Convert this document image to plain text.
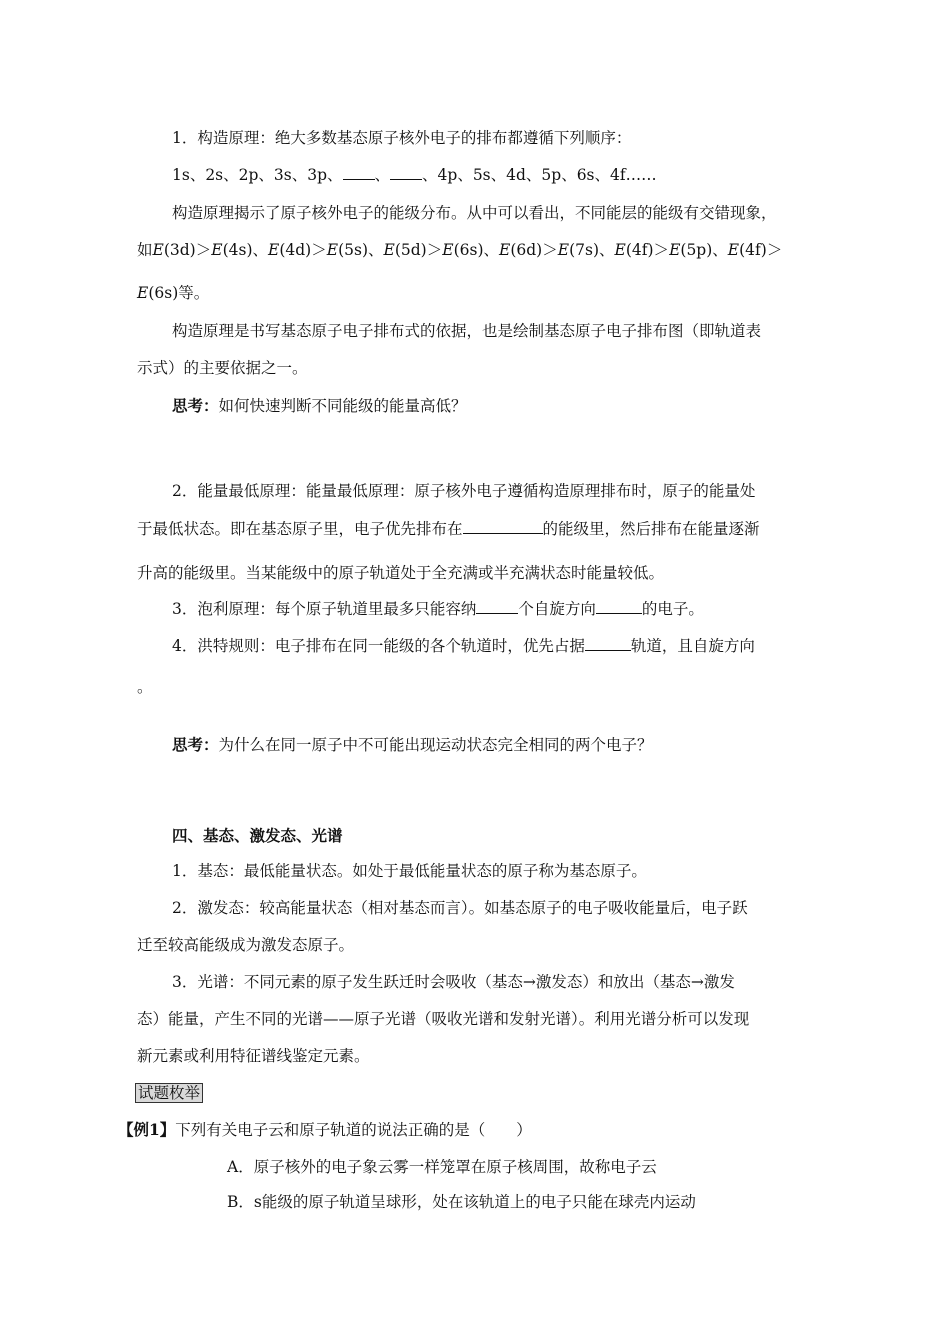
1．构造原理：绝大多数基态原子核外电子的排布都遵循下列顺序：
1s、2s、2p、3s、3p、 、 、4p、5s、4d、5p、6s、4f……
构造原理揭示了原子核外电子的能级分布。从中可以看出，不同能层的能级有交错现象，
如E(3d)＞E(4s)、E(4d)＞E(5s)、E(5d)＞E(6s)、E(6d)＞E(7s)、E(4f)＞E(5p)、E(4f)＞
E(6s)等。
构造原理是书写基态原子电子排布式的依据，也是绘制基态原子电子排布图（即轨道表
示式）的主要依据之一。
思考：如何快速判断不同能级的能量高低？
2．能量最低原理：能量最低原理：原子核外电子遵循构造原理排布时，原子的能量处
于最低状态。即在基态原子里，电子优先排布在	的能级里，然后排布在能量逐渐
升高的能级里。当某能级中的原子轨道处于全充满或半充满状态时能量较低。
3．泡利原理：每个原子轨道里最多只能容纳	个自旋方向	的电子。
4．洪特规则：电子排布在同一能级的各个轨道时，优先占据	轨道，且自旋方向
。
思考：为什么在同一原子中不可能出现运动状态完全相同的两个电子？
四、基态、激发态、光谱
1．基态：最低能量状态。如处于最低能量状态的原子称为基态原子。
2．激发态：较高能量状态（相对基态而言）。如基态原子的电子吸收能量后，电子跃
迁至较高能级成为激发态原子。
3．光谱：不同元素的原子发生跃迁时会吸收（基态→激发态）和放出（基态→激发
态）能量，产生不同的光谱——原子光谱（吸收光谱和发射光谱）。利用光谱分析可以发现
新元素或利用特征谱线鉴定元素。
试题枚举
【例1】下列有关电子云和原子轨道的说法正确的是（　　）
A．原子核外的电子象云雾一样笼罩在原子核周围，故称电子云
B．s能级的原子轨道呈球形，处在该轨道上的电子只能在球壳内运动
